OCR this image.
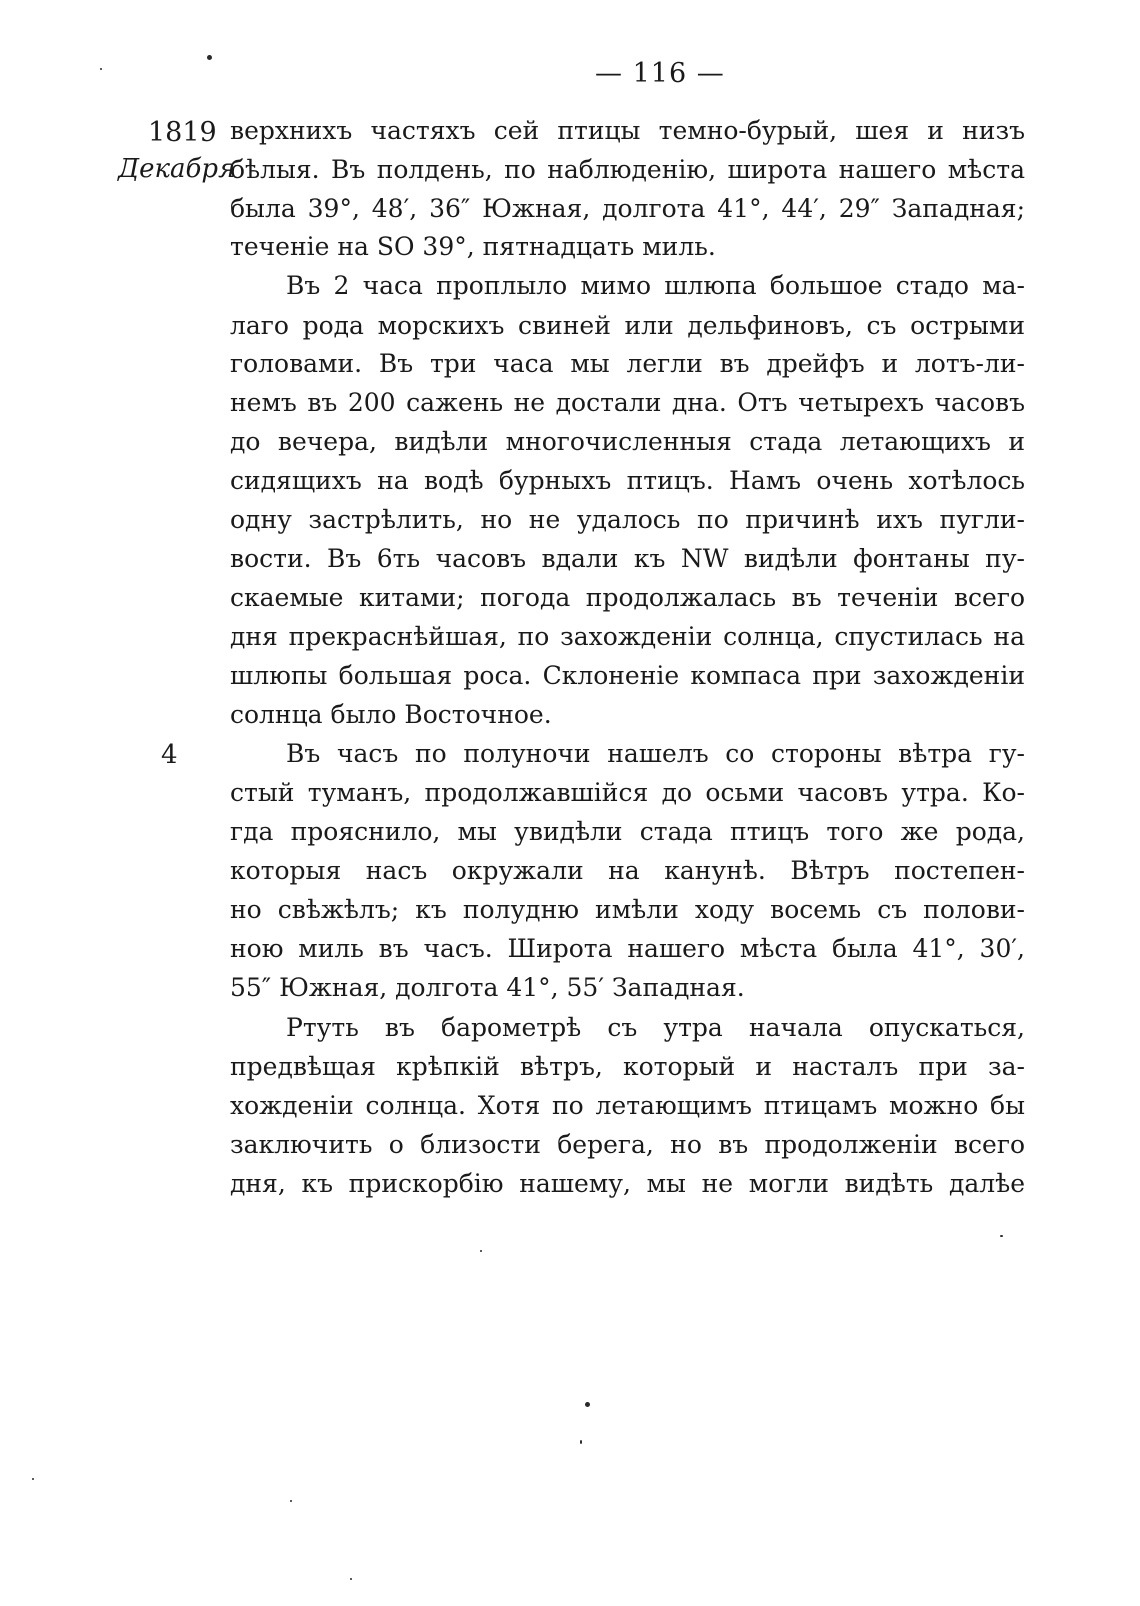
— 116 —
1819
Декабря
4
верхнихъ частяхъ сей птицы темно-бурый, шея и низъ
бѣлыя. Въ полдень, по наблюденію, широта нашего мѣста
была 39°, 48′, 36″ Южная, долгота 41°, 44′, 29″ Западная;
теченіе на SO 39°, пятнадцать миль.
Въ 2 часа проплыло мимо шлюпа большое стадо ма-
лаго рода морскихъ свиней или дельфиновъ, съ острыми
головами. Въ три часа мы легли въ дрейфъ и лотъ-ли-
немъ въ 200 сажень не достали дна. Отъ четырехъ часовъ
до вечера, видѣли многочисленныя стада летающихъ и
сидящихъ на водѣ бурныхъ птицъ. Намъ очень хотѣлось
одну застрѣлить, но не удалось по причинѣ ихъ пугли-
вости. Въ 6ть часовъ вдали къ NW видѣли фонтаны пу-
скаемые китами; погода продолжалась въ теченіи всего
дня прекраснѣйшая, по захожденіи солнца, спустилась на
шлюпы большая роса. Склоненіе компаса при захожденіи
солнца было Восточное.
Въ часъ по полуночи нашелъ со стороны вѣтра гу-
стый туманъ, продолжавшійся до осьми часовъ утра. Ко-
гда прояснило, мы увидѣли стада птицъ того же рода,
которыя насъ окружали на канунѣ. Вѣтръ постепен-
но свѣжѣлъ; къ полудню имѣли ходу восемь съ полови-
ною миль въ часъ. Широта нашего мѣста была 41°, 30′,
55″ Южная, долгота 41°, 55′ Западная.
Ртуть въ барометрѣ съ утра начала опускаться,
предвѣщая крѣпкій вѣтръ, который и насталъ при за-
хожденіи солнца. Хотя по летающимъ птицамъ можно бы
заключить о близости берега, но въ продолженіи всего
дня, къ прискорбію нашему, мы не могли видѣть далѣе
